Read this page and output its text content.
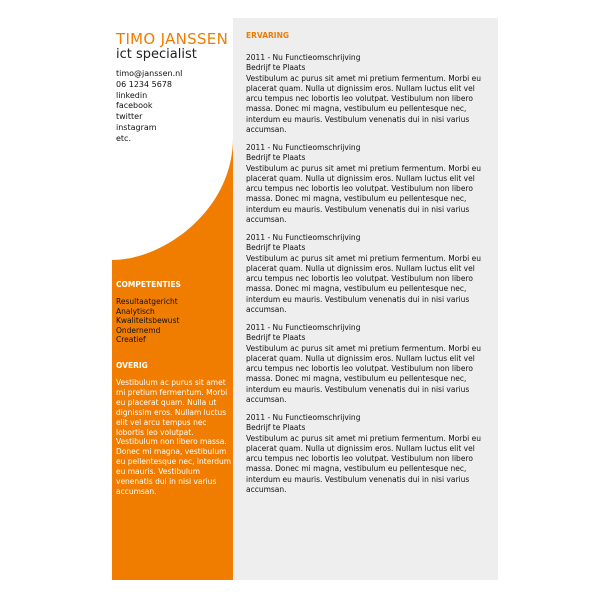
TIMO JANSSEN
ict specialist
timo@janssen.nl
06 1234 5678
linkedin
facebook
twitter
instagram
etc.
COMPETENTIES
Resultaatgericht
Analytisch
Kwaliteitsbewust
Ondernemd
Creatief
OVERIG
Vestibulum ac purus sit amet mi pretium fermentum. Morbi eu placerat quam. Nulla ut dignissim eros. Nullam luctus elit vel arcu tempus nec lobortis leo volutpat. Vestibulum non libero massa. Donec mi magna, vestibulum eu pellentesque nec, interdum eu mauris. Vestibulum venenatis dui in nisi varius accumsan.
ERVARING
2011 - Nu Functieomschrijving
Bedrijf te Plaats

Vestibulum ac purus sit amet mi pretium fermentum. Morbi eu placerat quam. Nulla ut dignissim eros. Nullam luctus elit vel arcu tempus nec lobortis leo volutpat. Vestibulum non libero massa. Donec mi magna, vestibulum eu pellentesque nec, interdum eu mauris. Vestibulum venenatis dui in nisi varius accumsan.

2011 - Nu Functieomschrijving
Bedrijf te Plaats

Vestibulum ac purus sit amet mi pretium fermentum. Morbi eu placerat quam. Nulla ut dignissim eros. Nullam luctus elit vel arcu tempus nec lobortis leo volutpat. Vestibulum non libero massa. Donec mi magna, vestibulum eu pellentesque nec, interdum eu mauris. Vestibulum venenatis dui in nisi varius accumsan.

2011 - Nu Functieomschrijving
Bedrijf te Plaats

Vestibulum ac purus sit amet mi pretium fermentum. Morbi eu placerat quam. Nulla ut dignissim eros. Nullam luctus elit vel arcu tempus nec lobortis leo volutpat. Vestibulum non libero massa. Donec mi magna, vestibulum eu pellentesque nec, interdum eu mauris. Vestibulum venenatis dui in nisi varius accumsan.

2011 - Nu Functieomschrijving
Bedrijf te Plaats

Vestibulum ac purus sit amet mi pretium fermentum. Morbi eu placerat quam. Nulla ut dignissim eros. Nullam luctus elit vel arcu tempus nec lobortis leo volutpat. Vestibulum non libero massa. Donec mi magna, vestibulum eu pellentesque nec, interdum eu mauris. Vestibulum venenatis dui in nisi varius accumsan.

2011 - Nu Functieomschrijving
Bedrijf te Plaats

Vestibulum ac purus sit amet mi pretium fermentum. Morbi eu placerat quam. Nulla ut dignissim eros. Nullam luctus elit vel arcu tempus nec lobortis leo volutpat. Vestibulum non libero massa. Donec mi magna, vestibulum eu pellentesque nec, interdum eu mauris. Vestibulum venenatis dui in nisi varius accumsan.
